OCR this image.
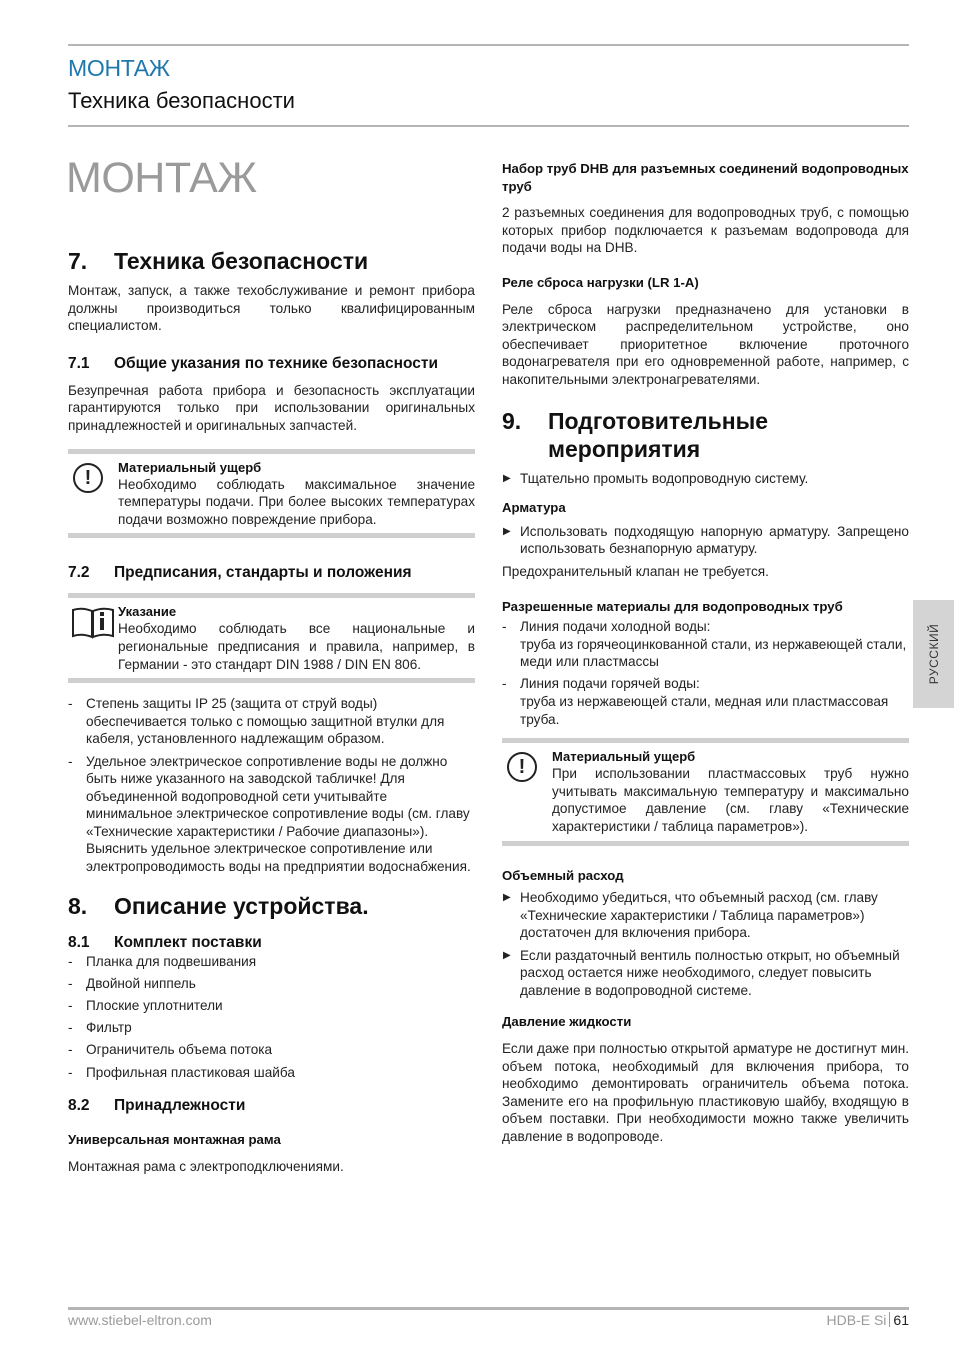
МОНТАЖ
Техника безопасности
МОНТАЖ
7.	Техника безопасности

Монтаж, запуск, а также техобслуживание и ремонт прибора должны производиться только квалифицированным специалистом.

7.1	Общие указания по технике безопасности

Безупречная работа прибора и безопасность эксплуатации гарантируются только при использовании оригинальных принадлежностей и оригинальных запчастей.

!	Материальный ущерб

Необходимо соблюдать максимальное значение температуры подачи. При более высоких температурах подачи возможно повреждение прибора.

7.2	Предписания, стандарты и положения
Указание

Необходимо соблюдать все национальные и региональные предписания и правила, например, в Германии - это стандарт DIN 1988 / DIN EN 806.

- Степень защиты IP 25 (защита от струй воды) обеспечивается только с помощью защитной втулки для кабеля, установленного надлежащим образом.
- Удельное электрическое сопротивление воды не должно быть ниже указанного на заводской табличке! Для объединенной водопроводной сети учитывайте минимальное электрическое сопротивление воды (см. главу «Технические характеристики / Рабочие диапазоны»). Выяснить удельное электрическое сопротивление или электропроводимость воды на предприятии водоснабжения.
8.	Описание устройства.
8.1	Комплект поставки
- Планка для подвешивания
- Двойной ниппель
- Плоские уплотнители
- Фильтр
- Ограничитель объема потока
- Профильная пластиковая шайба
8.2	Принадлежности
Универсальная монтажная рама

Монтажная рама с электроподключениями.

Набор труб DHB для разъемных соединений водопроводных труб

2 разъемных соединения для водопроводных труб, с помощью которых прибор подключается к разъемам водопровода для подачи воды на DHB.

Реле сброса нагрузки (LR 1-A)

Реле сброса нагрузки предназначено для установки в электрическом распределительном устройстве, оно обеспечивает приоритетное включение проточного водонагревателя при его одновременной работе, например, с накопительными электронагревателями.

9.	Подготовительные мероприятия
▶ Тщательно промыть водопроводную систему.
Арматура
▶ Использовать подходящую напорную арматуру. Запрещено использовать безнапорную арматуру.

Предохранительный клапан не требуется.

Разрешенные материалы для водопроводных труб
- Линия подачи холодной воды:
труба из горячеоцинкованной стали, из нержавеющей стали, меди или пластмассы
- Линия подачи горячей воды:
труба из нержавеющей стали, медная или пластмассовая труба.
!	Материальный ущерб

При использовании пластмассовых труб нужно учитывать максимальную температуру и максимально допустимое давление (см. главу «Технические характеристики / таблица параметров»).

Объемный расход
▶ Необходимо убедиться, что объемный расход (см. главу «Технические характеристики / Таблица параметров») достаточен для включения прибора.
▶ Если раздаточный вентиль полностью открыт, но объемный расход остается ниже необходимого, следует повысить давление в водопроводной системе.
Давление жидкости

Если даже при полностью открытой арматуре не достигнут мин. объем потока, необходимый для включения прибора, то необходимо демонтировать ограничитель объема потока. Замените его на профильную пластиковую шайбу, входящую в объем поставки. При необходимости можно также увеличить давление в водопроводе.

РУССКИЙ
www.stiebel-eltron.com	HDB-E Si 61
